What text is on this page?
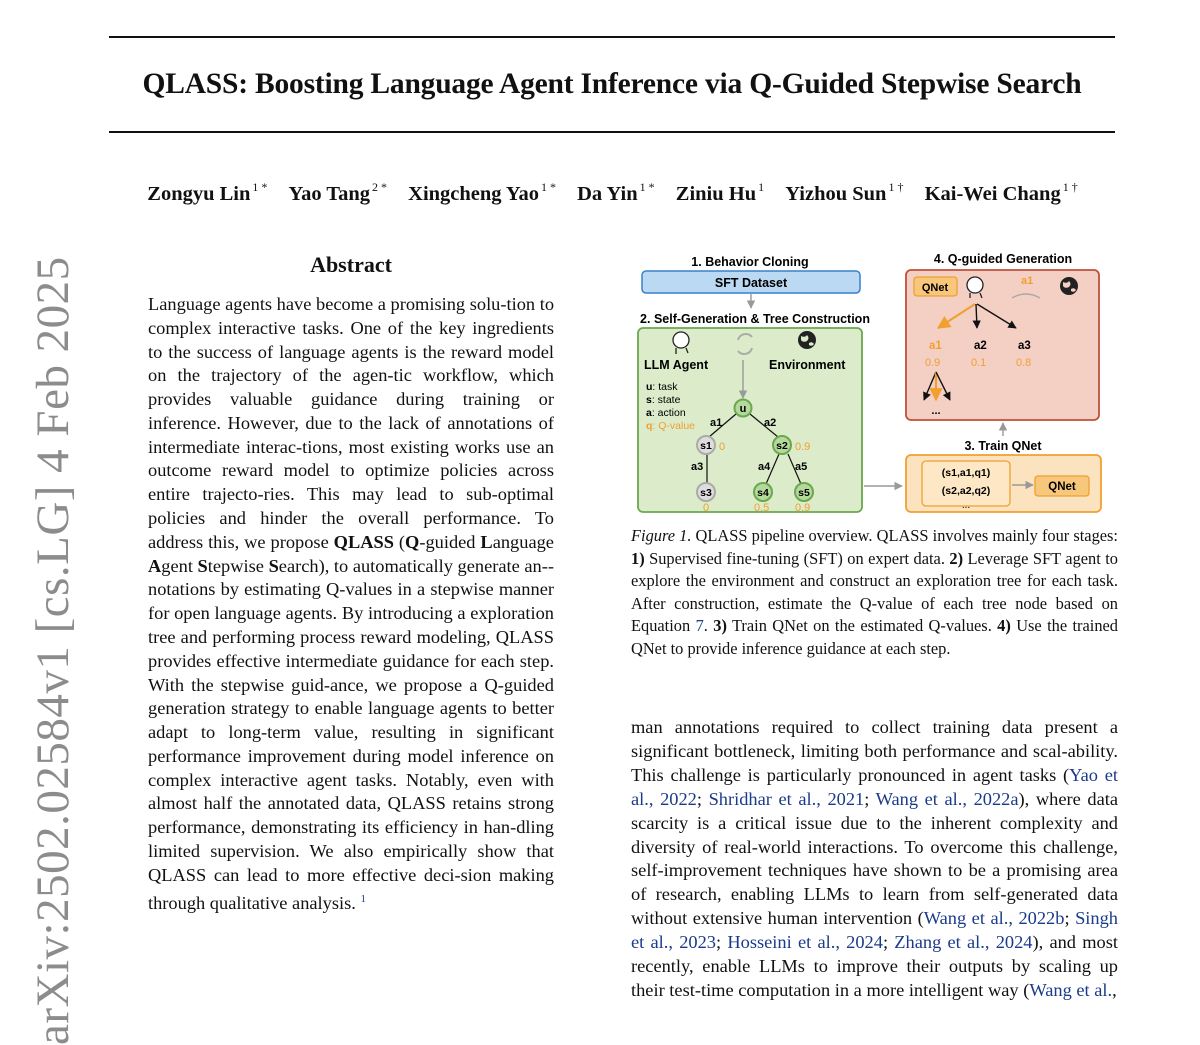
QLASS: Boosting Language Agent Inference via Q-Guided Stepwise Search
Zongyu Lin $^{1 *}$ Yao Tang $^{2 *}$ Xingcheng Yao $^{1 *}$ Da Yin $^{1 *}$ Ziniu Hu $^1$ Yizhou Sun $^{1 \dagger}$ Kai-Wei Chang $^{1 \dagger}$
arXiv:2502.02584v1 [cs.LG] 4 Feb 2025	Abstract

Language agents have become a promising solu-tion to complex interactive tasks. One of the key ingredients to the success of language agents is the reward model on the trajectory of the agen-tic workflow, which provides valuable guidance during training or inference. However, due to the lack of annotations of intermediate interac-tions, most existing works use an outcome reward model to optimize policies across entire trajecto-ries. This may lead to sub-optimal policies and hinder the overall performance. To address this, we propose QLASS (Q-guided Language Agent Stepwise Search), to automatically generate an-notations by estimating Q-values in a stepwise manner for open language agents. By introducing a exploration tree and performing process reward modeling, QLASS provides effective intermediate guidance for each step. With the stepwise guid-ance, we propose a Q-guided generation strategy to enable language agents to better adapt to long-term value, resulting in significant performance improvement during model inference on complex interactive agent tasks. Notably, even with almost half the annotated data, QLASS retains strong performance, demonstrating its efficiency in han-dling limited supervision. We also empirically show that QLASS can lead to more effective deci-sion making through qualitative analysis. $^1$

1. Behavior Cloning
SFT Dataset
2. Self-Generation & Tree Construction
LLM Agent	Environment
u: task
s: state
a: action
q: Q-value
u
s1	s2
s3	s4	s5
0	0.9
0	0.5 0.9
a1	a2
a3	a4 a5
3. Train QNet
(s1,a1,q1)
(s2,a2,q2)
...
QNet
4. Q-guided Generation
QNet
a1
a1	a2	a3
0.9	0.1	0.8
...

Figure 1. QLASS pipeline overview. QLASS involves mainly four stages: 1) Supervised fine-tuning (SFT) on expert data. 2) Leverage SFT agent to explore the environment and construct an exploration tree for each task. After construction, estimate the Q-value of each tree node based on Equation 7. 3) Train QNet on the estimated Q-values. 4) Use the trained QNet to provide inference guidance at each step.

man annotations required to collect training data present a significant bottleneck, limiting both performance and scal-ability. This challenge is particularly pronounced in agent tasks (Yao et al., 2022; Shridhar et al., 2021; Wang et al., 2022a), where data scarcity is a critical issue due to the inherent complexity and diversity of real-world interactions. To overcome this challenge, self-improvement techniques have shown to be a promising area of research, enabling LLMs to learn from self-generated data without extensive human intervention (Wang et al., 2022b; Singh et al., 2023; Hosseini et al., 2024; Zhang et al., 2024), and most recently, enable LLMs to improve their outputs by scaling up their test-time computation in a more intelligent way (Wang et al.,
